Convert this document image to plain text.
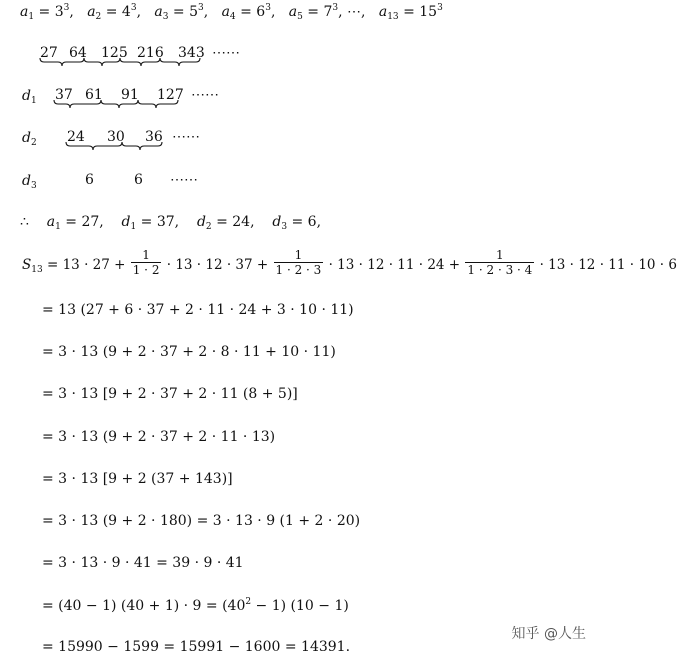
$a_1 = 3^3$,   $a_2 = 4^3$,   $a_3 = 5^3$,   $a_4 = 6^3$,   $a_5 = 7^3$, ⋯,   $a_{13} = 15^3$
27 64 125 216 343 ⋯⋯
$d_1$ 37 61 91 127 ⋯⋯
$d_2$ 24 30 36 ⋯⋯
$d_3$	6	6 ⋯⋯
∴ $a_1 = 27$,    $d_1 = 37$,    $d_2 = 24$,    $d_3 = 6$,
$S_{13} = 13 \cdot 27 + \frac{1}{1 \cdot 2} \cdot 13 \cdot 12 \cdot 37 + \frac{1}{1 \cdot 2 \cdot 3} \cdot 13 \cdot 12 \cdot 11 \cdot 24 + \frac{1}{1 \cdot 2 \cdot 3 \cdot 4} \cdot 13 \cdot 12 \cdot 11 \cdot 10 \cdot 6$
= 13 (27 + 6 · 37 + 2 · 11 · 24 + 3 · 10 · 11)
= 3 · 13 (9 + 2 · 37 + 2 · 8 · 11 + 10 · 11)
= 3 · 13 [9 + 2 · 37 + 2 · 11 (8 + 5)]
= 3 · 13 (9 + 2 · 37 + 2 · 11 · 13)
= 3 · 13 [9 + 2 (37 + 143)]
= 3 · 13 (9 + 2 · 180) = 3 · 13 · 9 (1 + 2 · 20)
= 3 · 13 · 9 · 41 = 39 · 9 · 41
= (40 − 1) $(40 + 1) \cdot 9 = (40^2 - 1) (10 - 1)$
= 15990 − 1599 = 15991 − 1600 = 14391.
知乎 @人生
